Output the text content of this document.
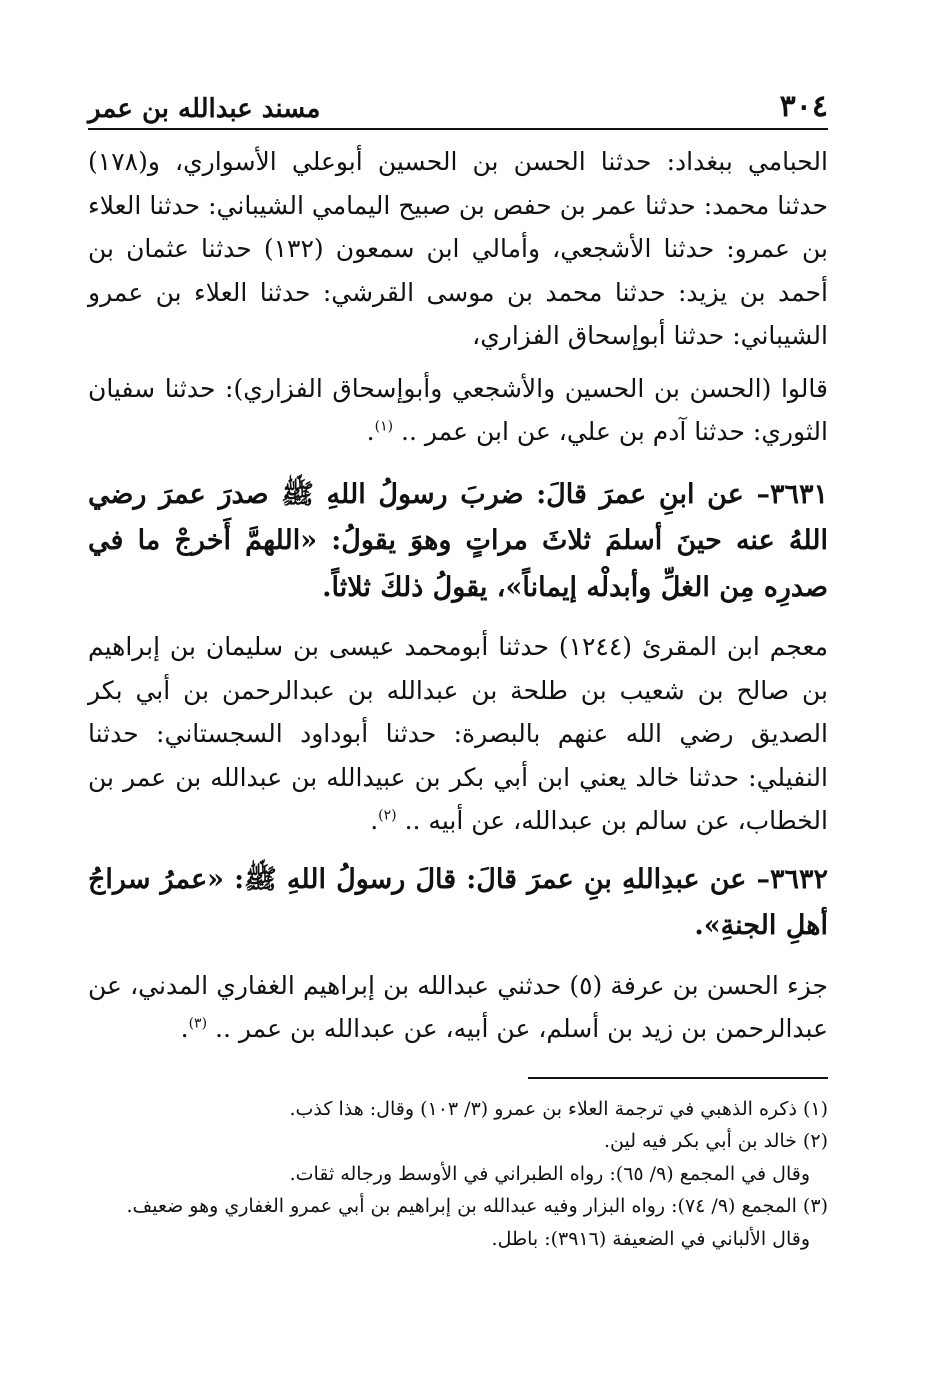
٣٠٤
مسند عبدالله بن عمر

الحبامي ببغداد: حدثنا الحسن بن الحسين أبوعلي الأسواري، و(١٧٨) حدثنا محمد: حدثنا عمر بن حفص بن صبيح اليمامي الشيباني: حدثنا العلاء بن عمرو: حدثنا الأشجعي، وأمالي ابن سمعون (١٣٢) حدثنا عثمان بن أحمد بن يزيد: حدثنا محمد بن موسى القرشي: حدثنا العلاء بن عمرو الشيباني: حدثنا أبوإسحاق الفزاري،

قالوا (الحسن بن الحسين والأشجعي وأبوإسحاق الفزاري): حدثنا سفيان الثوري: حدثنا آدم بن علي، عن ابن عمر .. $^{(١)}$.

٣٦٣١– عن ابنِ عمرَ قالَ: ضربَ رسولُ اللهِ ﷺ صدرَ عمرَ رضي اللهُ عنه حينَ أسلمَ ثلاثَ مراتٍ وهوَ يقولُ: «اللهمَّ أَخرجْ ما في صدرِه مِن الغلِّ وأبدلْه إيماناً»، يقولُ ذلكَ ثلاثاً.

معجم ابن المقرئ (١٢٤٤) حدثنا أبومحمد عيسى بن سليمان بن إبراهيم بن صالح بن شعيب بن طلحة بن عبدالله بن عبدالرحمن بن أبي بكر الصديق رضي الله عنهم بالبصرة: حدثنا أبوداود السجستاني: حدثنا النفيلي: حدثنا خالد يعني ابن أبي بكر بن عبيدالله بن عبدالله بن عمر بن الخطاب، عن سالم بن عبدالله، عن أبيه .. $^{(٢)}$.

٣٦٣٢– عن عبدِاللهِ بنِ عمرَ قالَ: قالَ رسولُ اللهِ ﷺ: «عمرُ سراجُ أهلِ الجنةِ».

جزء الحسن بن عرفة (٥) حدثني عبدالله بن إبراهيم الغفاري المدني، عن عبدالرحمن بن زيد بن أسلم، عن أبيه، عن عبدالله بن عمر .. $^{(٣)}$.

(١) ذكره الذهبي في ترجمة العلاء بن عمرو (٣/ ١٠٣) وقال: هذا كذب.

(٢) خالد بن أبي بكر فيه لين.

وقال في المجمع (٩/ ٦٥): رواه الطبراني في الأوسط ورجاله ثقات.

(٣) المجمع (٩/ ٧٤): رواه البزار وفيه عبدالله بن إبراهيم بن أبي عمرو الغفاري وهو ضعيف.

وقال الألباني في الضعيفة (٣٩١٦): باطل.
